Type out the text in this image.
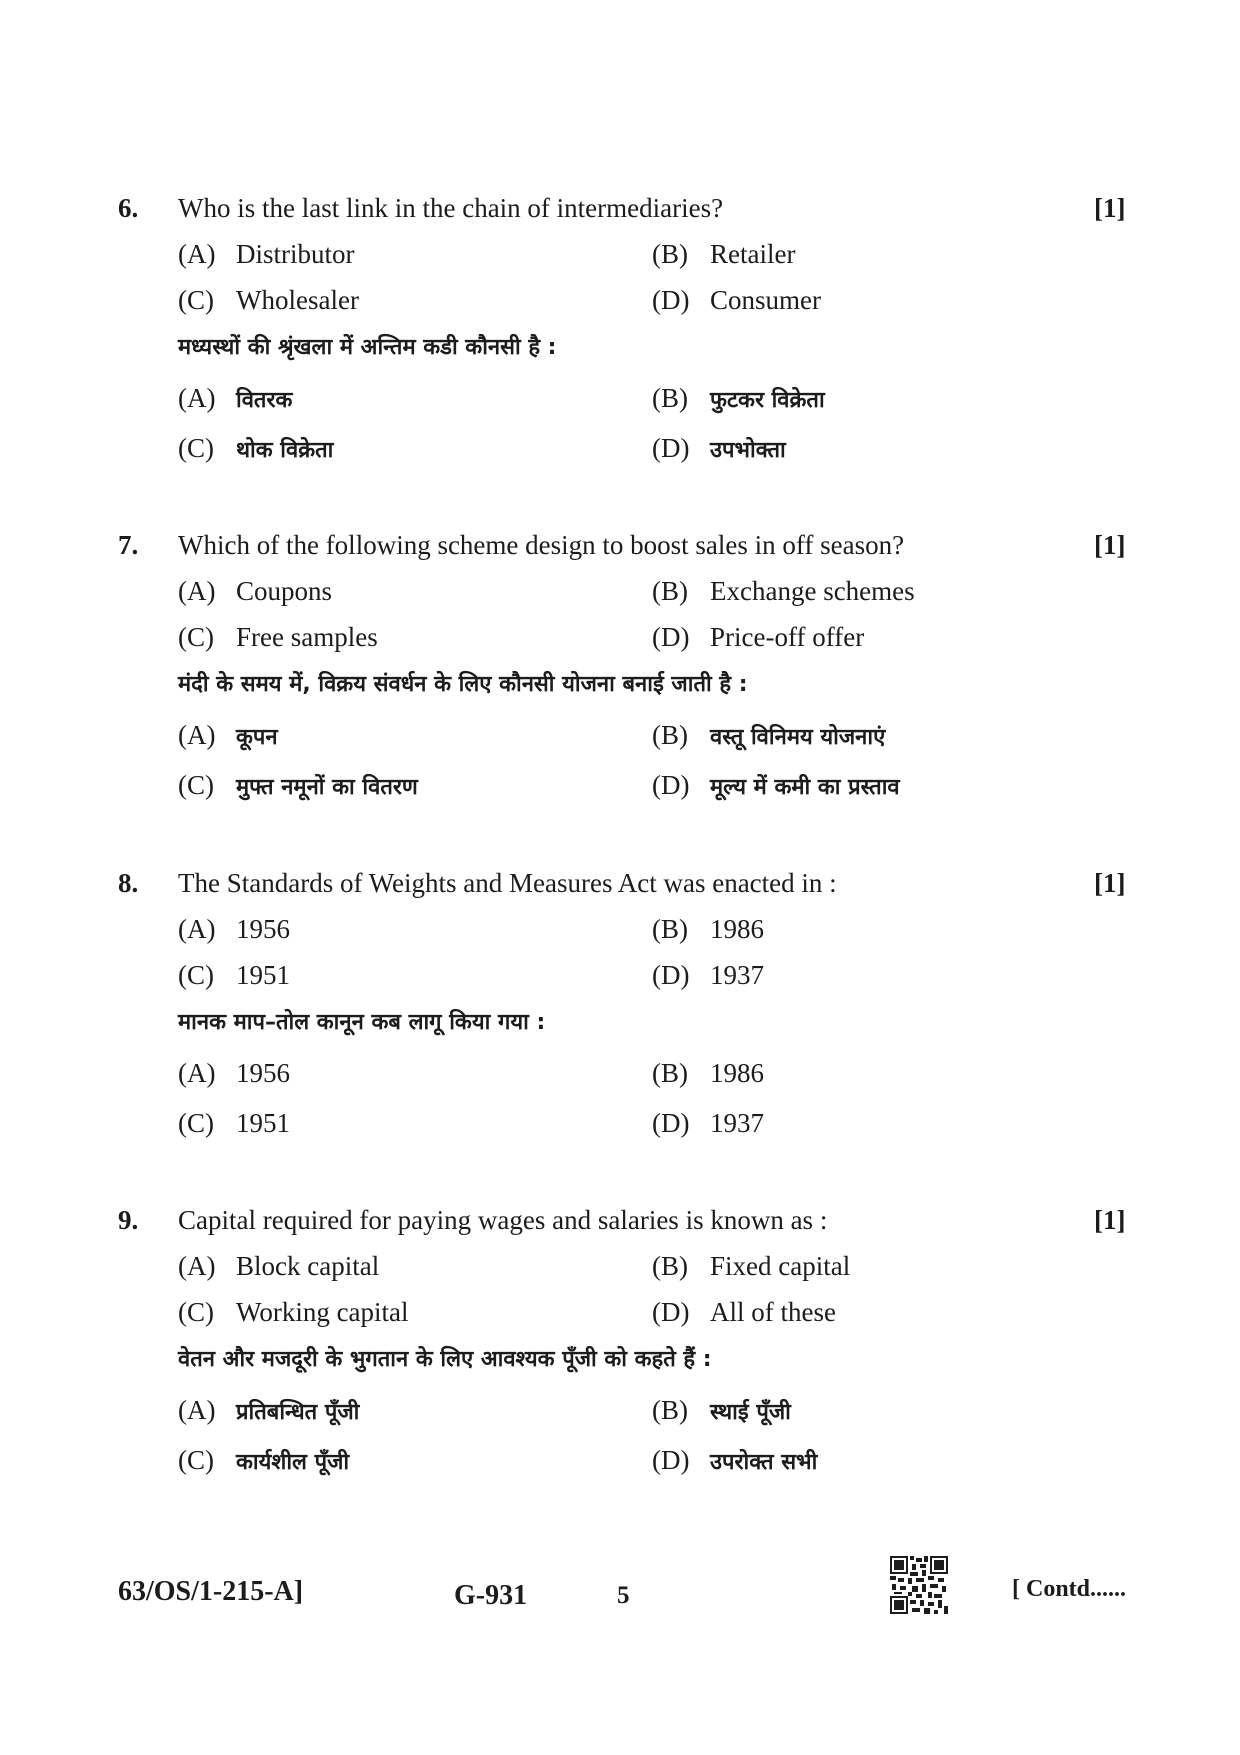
6. Who is the last link in the chain of intermediaries?	[1]
(A) Distributor	(B) Retailer
(C) Wholesaler	(D) Consumer
मध्यस्थों की श्रृंखला में अन्तिम कडी कौनसी है :
(A) वितरक	(B) फुटकर विक्रेता
(C) थोक विक्रेता	(D) उपभोक्ता
7. Which of the following scheme design to boost sales in off season?	[1]
(A) Coupons	(B) Exchange schemes
(C) Free samples	(D) Price-off offer
मंदी के समय में, विक्रय संवर्धन के लिए कौनसी योजना बनाई जाती है :
(A) कूपन	(B) वस्तू विनिमय योजनाएं
(C) मुफ्त नमूनों का वितरण	(D) मूल्य में कमी का प्रस्ताव
8. The Standards of Weights and Measures Act was enacted in :	[1]
(A) 1956	(B) 1986
(C) 1951	(D) 1937
मानक माप–तोल कानून कब लागू किया गया :
(A) 1956	(B) 1986
(C) 1951	(D) 1937
9. Capital required for paying wages and salaries is known as :	[1]
(A) Block capital	(B) Fixed capital
(C) Working capital	(D) All of these
वेतन और मजदूरी के भुगतान के लिए आवश्यक पूँजी को कहते हैं :
(A) प्रतिबन्धित पूँजी	(B) स्थाई पूँजी
(C) कार्यशील पूँजी	(D) उपरोक्त सभी
63/OS/1-215-A]	G-931	5	[ Contd......
